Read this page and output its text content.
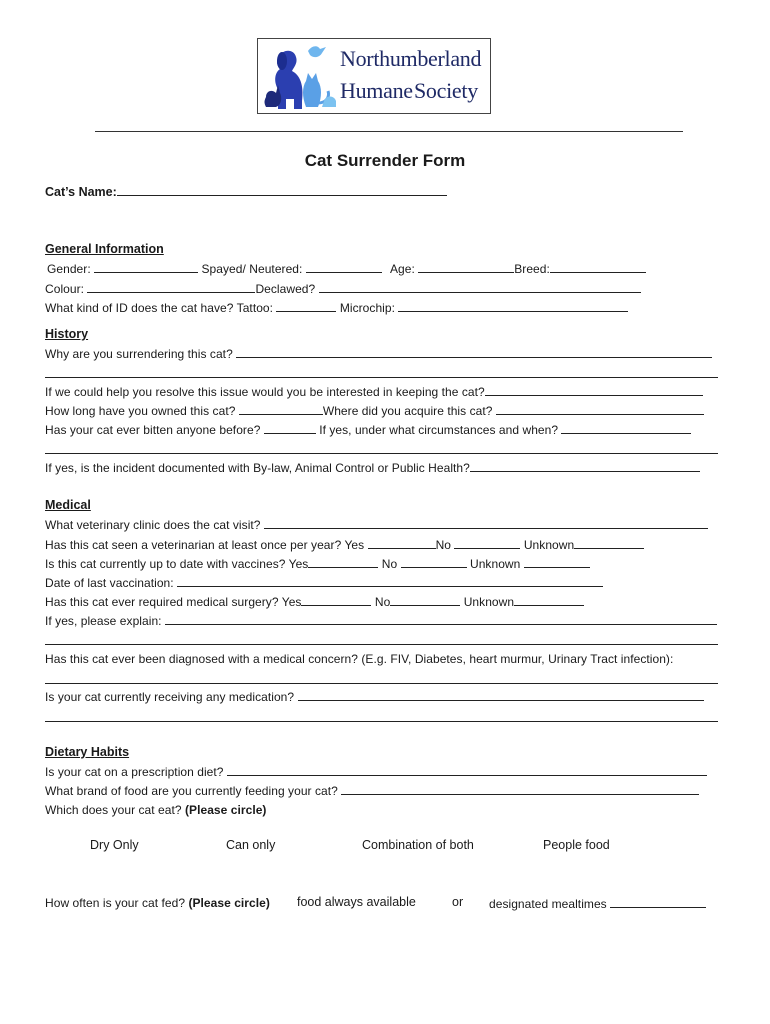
Northumberland
Humane Society
Cat Surrender Form
Cat’s Name:
General Information
Gender:	Spayed/ Neutered:	Age:	Breed:
Colour:	Declawed?
What kind of ID does the cat have? Tattoo:	Microchip:
History
Why are you surrendering this cat?
If we could help you resolve this issue would you be interested in keeping the cat?
How long have you owned this cat?	Where did you acquire this cat?
Has your cat ever bitten anyone before?	If yes, under what circumstances and when?
If yes, is the incident documented with By-law, Animal Control or Public Health?
Medical
What veterinary clinic does the cat visit?
Has this cat seen a veterinarian at least once per year? Yes	No	Unknown
Is this cat currently up to date with vaccines? Yes	No	Unknown
Date of last vaccination:
Has this cat ever required medical surgery? Yes	No	Unknown
If yes, please explain:
Has this cat ever been diagnosed with a medical concern? (E.g. FIV, Diabetes, heart murmur, Urinary Tract infection):
Is your cat currently receiving any medication?
Dietary Habits
Is your cat on a prescription diet?
What brand of food are you currently feeding your cat?
Which does your cat eat? (Please circle)
Dry Only	Can only	Combination of both	People food
How often is your cat fed? (Please circle) food always available	or designated mealtimes
